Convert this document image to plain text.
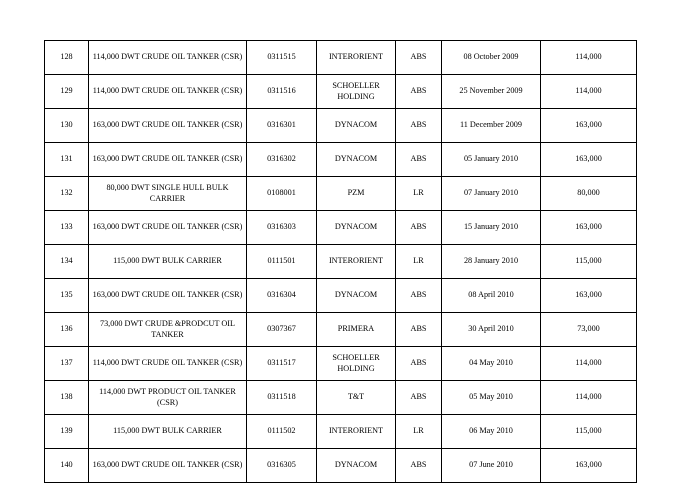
128	114,000 DWT CRUDE OIL TANKER (CSR)	0311515	INTERORIENT	ABS	08 October 2009	114,000
129	114,000 DWT CRUDE OIL TANKER (CSR)	0311516	SCHOELLER HOLDING	ABS	25 November 2009	114,000
130	163,000 DWT CRUDE OIL TANKER (CSR)	0316301	DYNACOM	ABS	11 December 2009	163,000
131	163,000 DWT CRUDE OIL TANKER (CSR)	0316302	DYNACOM	ABS	05 January 2010	163,000
132	80,000 DWT SINGLE HULL BULK CARRIER	0108001	PZM	LR	07 January 2010	80,000
133	163,000 DWT CRUDE OIL TANKER (CSR)	0316303	DYNACOM	ABS	15 January 2010	163,000
134	115,000 DWT BULK CARRIER	0111501	INTERORIENT	LR	28 January 2010	115,000
135	163,000 DWT CRUDE OIL TANKER (CSR)	0316304	DYNACOM	ABS	08 April 2010	163,000
136	73,000 DWT CRUDE &PRODCUT OIL TANKER	0307367	PRIMERA	ABS	30 April 2010	73,000
137	114,000 DWT CRUDE OIL TANKER (CSR)	0311517	SCHOELLER HOLDING	ABS	04 May 2010	114,000
138	114,000 DWT PRODUCT OIL TANKER (CSR)	0311518	T&T	ABS	05 May 2010	114,000
139	115,000 DWT BULK CARRIER	0111502	INTERORIENT	LR	06 May 2010	115,000
140	163,000 DWT CRUDE OIL TANKER (CSR)	0316305	DYNACOM	ABS	07 June 2010	163,000
